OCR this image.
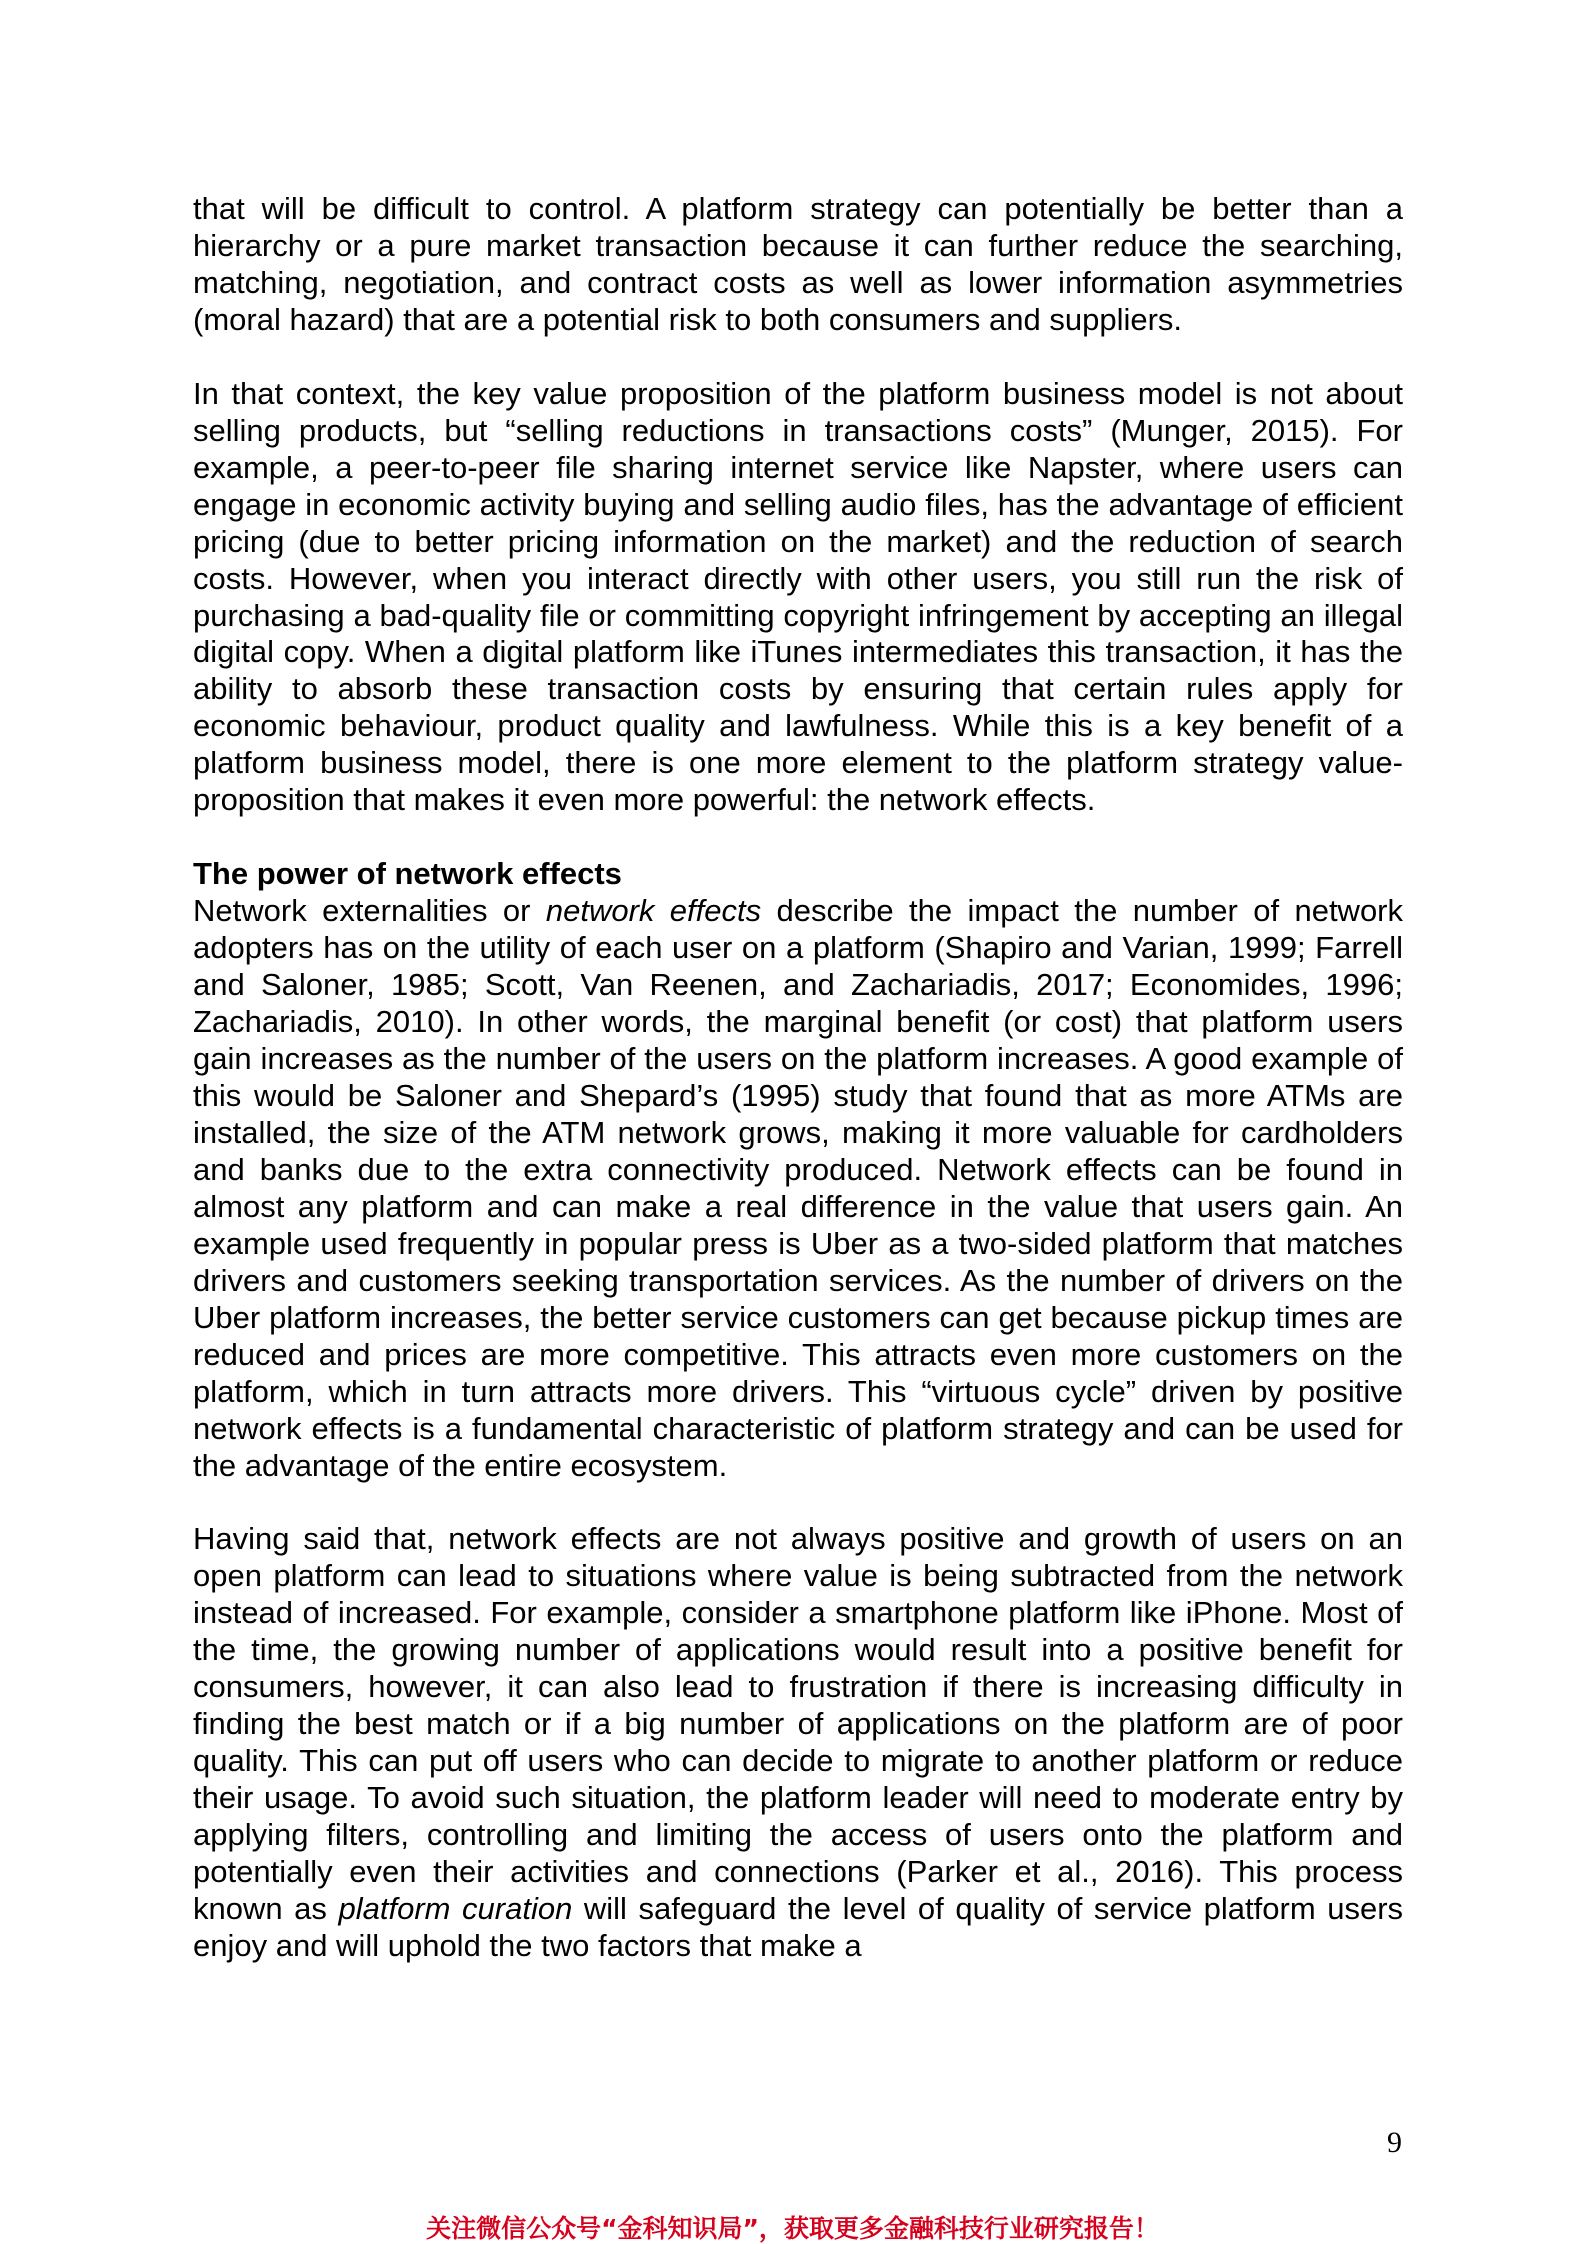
that will be difficult to control. A platform strategy can potentially be better than a hierarchy or a pure market transaction because it can further reduce the searching, matching, negotiation, and contract costs as well as lower information asymmetries (moral hazard) that are a potential risk to both consumers and suppliers.

In that context, the key value proposition of the platform business model is not about selling products, but “selling reductions in transactions costs” (Munger, 2015). For example, a peer-to-peer file sharing internet service like Napster, where users can engage in economic activity buying and selling audio files, has the advantage of efficient pricing (due to better pricing information on the market) and the reduction of search costs. However, when you interact directly with other users, you still run the risk of purchasing a bad-quality file or committing copyright infringement by accepting an illegal digital copy. When a digital platform like iTunes intermediates this transaction, it has the ability to absorb these transaction costs by ensuring that certain rules apply for economic behaviour, product quality and lawfulness. While this is a key benefit of a platform business model, there is one more element to the platform strategy value-proposition that makes it even more powerful: the network effects.

The power of network effects

Network externalities or network effects describe the impact the number of network adopters has on the utility of each user on a platform (Shapiro and Varian, 1999; Farrell and Saloner, 1985; Scott, Van Reenen, and Zachariadis, 2017; Economides, 1996; Zachariadis, 2010). In other words, the marginal benefit (or cost) that platform users gain increases as the number of the users on the platform increases. A good example of this would be Saloner and Shepard’s (1995) study that found that as more ATMs are installed, the size of the ATM network grows, making it more valuable for cardholders and banks due to the extra connectivity produced. Network effects can be found in almost any platform and can make a real difference in the value that users gain. An example used frequently in popular press is Uber as a two-sided platform that matches drivers and customers seeking transportation services. As the number of drivers on the Uber platform increases, the better service customers can get because pickup times are reduced and prices are more competitive. This attracts even more customers on the platform, which in turn attracts more drivers. This “virtuous cycle” driven by positive network effects is a fundamental characteristic of platform strategy and can be used for the advantage of the entire ecosystem.

Having said that, network effects are not always positive and growth of users on an open platform can lead to situations where value is being subtracted from the network instead of increased. For example, consider a smartphone platform like iPhone. Most of the time, the growing number of applications would result into a positive benefit for consumers, however, it can also lead to frustration if there is increasing difficulty in finding the best match or if a big number of applications on the platform are of poor quality. This can put off users who can decide to migrate to another platform or reduce their usage. To avoid such situation, the platform leader will need to moderate entry by applying filters, controlling and limiting the access of users onto the platform and potentially even their activities and connections (Parker et al., 2016). This process known as platform curation will safeguard the level of quality of service platform users enjoy and will uphold the two factors that make a

9
关注微信公众号“金科知识局”，获取更多金融科技行业研究报告！
